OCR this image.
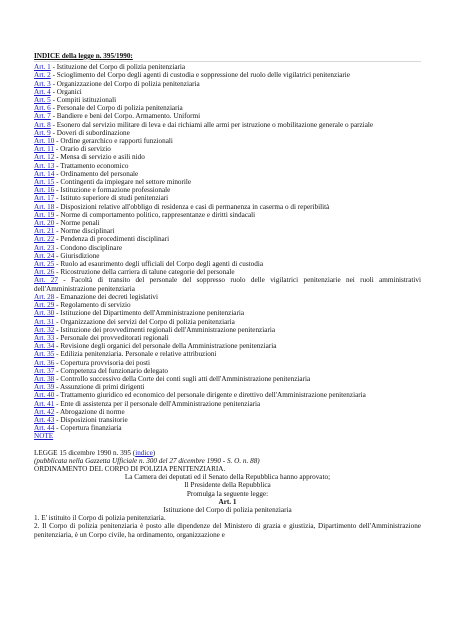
INDICE della legge n. 395/1990:
Art. 1 - Istituzione del Corpo di polizia penitenziaria
Art. 2 - Scioglimento del Corpo degli agenti di custodia e soppressione del ruolo delle vigilatrici penitenziarie
Art. 3 - Organizzazione del Corpo di polizia penitenziaria
Art. 4 - Organici
Art. 5 - Compiti istituzionali
Art. 6 - Personale del Corpo di polizia penitenziaria
Art. 7 - Bandiere e beni del Corpo. Armamento. Uniformi
Art. 8 - Esonero dal servizio militare di leva e dai richiami alle armi per istruzione o mobilitazione generale o parziale
Art. 9 - Doveri di subordinazione
Art. 10 - Ordine gerarchico e rapporti funzionali
Art. 11 - Orario di servizio
Art. 12 - Mensa di servizio e asili nido
Art. 13 - Trattamento economico
Art. 14 - Ordinamento del personale
Art. 15 - Contingenti da impiegare nel settore minorile
Art. 16 - Istituzione e formazione professionale
Art. 17 - Istituto superiore di studi penitenziari
Art. 18 - Disposizioni relative all'obbligo di residenza e casi di permanenza in caserma o di reperibilità
Art. 19 - Norme di comportamento politico, rappresentanze e diritti sindacali
Art. 20 - Norme penali
Art. 21 - Norme disciplinari
Art. 22 - Pendenza di procedimenti disciplinari
Art. 23 - Condono disciplinare
Art. 24 - Giurisdizione
Art. 25 - Ruolo ad esaurimento degli ufficiali del Corpo degli agenti di custodia
Art. 26 - Ricostruzione della carriera di talune categorie del personale
Art. 27 - Facoltà di transito del personale del soppresso ruolo delle vigilatrici penitenziarie nei ruoli amministrativi dell'Amministrazione penitenziaria
Art. 28 - Emanazione dei decreti legislativi
Art. 29 - Regolamento di servizio
Art. 30 - Istituzione del Dipartimento dell'Amministrazione penitenziaria
Art. 31 - Organizzazione dei servizi del Corpo di polizia penitenziaria
Art. 32 - Istituzione dei provvedimenti regionali dell'Amministrazione penitenziaria
Art. 33 - Personale dei provveditorati regionali
Art. 34 - Revisione degli organici del personale della Amministrazione penitenziaria
Art. 35 - Edilizia penitenziaria. Personale e relative attribuzioni
Art. 36 - Copertura provvisoria dei posti
Art. 37 - Competenza del funzionario delegato
Art. 38 - Controllo successivo della Corte dei conti sugli atti dell'Amministrazione penitenziaria
Art. 39 - Assunzione di primi dirigenti
Art. 40 - Trattamento giuridico ed economico del personale dirigente e direttivo dell'Amministrazione penitenziaria
Art. 41 - Ente di assistenza per il personale dell'Amministrazione penitenziaria
Art. 42 - Abrogazione di norme
Art. 43 - Disposizioni transitorie
Art. 44 - Copertura finanziaria
NOTE
LEGGE 15 dicembre 1990 n. 395 (indice)
(pubblicata nella Gazzetta Ufficiale n. 300 del 27 dicembre 1990 - S. O. n. 88)
ORDINAMENTO DEL CORPO DI POLIZIA PENITENZIARIA.
La Camera dei deputati ed il Senato della Repubblica hanno approvato;
Il Presidente della Repubblica
Promulga la seguente legge:
Art. 1
Istituzione del Corpo di polizia penitenziaria
1. E' istituito il Corpo di polizia penitenziaria.
2. Il Corpo di polizia penitenziaria è posto alle dipendenze del Ministero di grazia e giustizia, Dipartimento dell'Amministrazione penitenziaria, è un Corpo civile, ha ordinamento, organizzazione e
